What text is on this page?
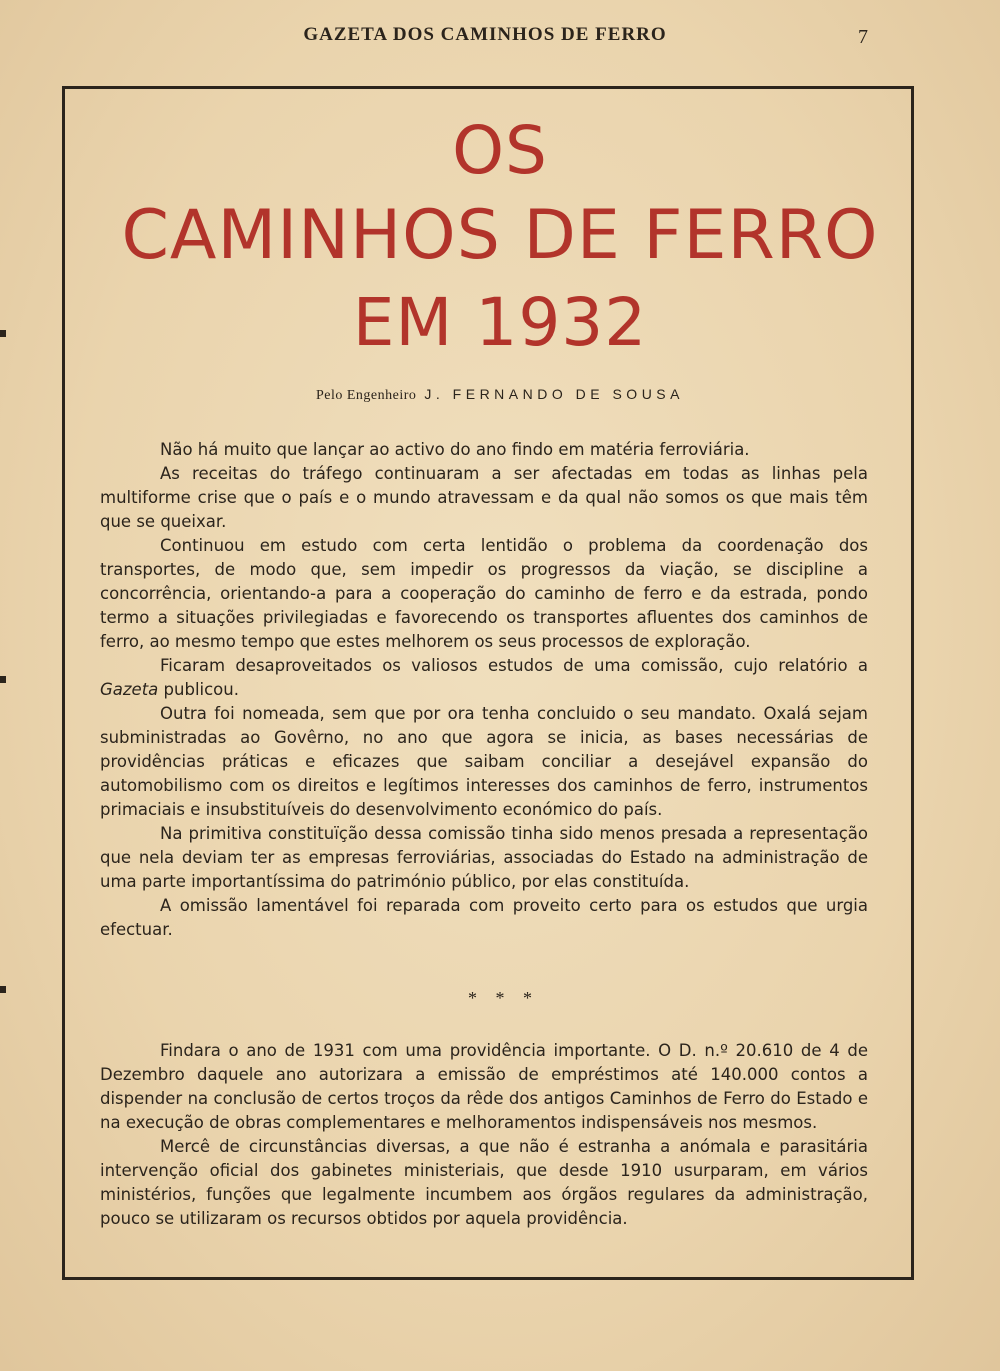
GAZETA DOS CAMINHOS DE FERRO	7
OS
CAMINHOS DE FERRO
EM 1932
Pelo Engenheiro J. FERNANDO DE SOUSA

Não há muito que lançar ao activo do ano findo em matéria ferroviária.

As receitas do tráfego continuaram a ser afectadas em todas as linhas pela multiforme crise que o país e o mundo atravessam e da qual não somos os que mais têm que se queixar.

Continuou em estudo com certa lentidão o problema da coordenação dos transportes, de modo que, sem impedir os progressos da viação, se discipline a concorrência, orientando-a para a cooperação do caminho de ferro e da estrada, pondo termo a situações privilegiadas e favorecendo os transportes afluentes dos caminhos de ferro, ao mesmo tempo que estes melhorem os seus processos de exploração.

Ficaram desaproveitados os valiosos estudos de uma comissão, cujo relatório a Gazeta publicou.

Outra foi nomeada, sem que por ora tenha concluido o seu mandato. Oxalá sejam subministradas ao Govêrno, no ano que agora se inicia, as bases necessárias de providências práticas e eficazes que saibam conciliar a desejável expansão do automobilismo com os direitos e legítimos interesses dos caminhos de ferro, instrumentos primaciais e insubstituíveis do desenvolvimento económico do país.

Na primitiva constituïção dessa comissão tinha sido menos presada a representação que nela deviam ter as empresas ferroviárias, associadas do Estado na administração de uma parte importantíssima do património público, por elas constituída.

A omissão lamentável foi reparada com proveito certo para os estudos que urgia efectuar.

* * *

Findara o ano de 1931 com uma providência importante. O D. n.º 20.610 de 4 de Dezembro daquele ano autorizara a emissão de empréstimos até 140.000 contos a dispender na conclusão de certos troços da rêde dos antigos Caminhos de Ferro do Estado e na execução de obras complementares e melhoramentos indispensáveis nos mesmos.

Mercê de circunstâncias diversas, a que não é estranha a anómala e parasitária intervenção oficial dos gabinetes ministeriais, que desde 1910 usurparam, em vários ministérios, funções que legalmente incumbem aos órgãos regulares da administração, pouco se utilizaram os recursos obtidos por aquela providência.
